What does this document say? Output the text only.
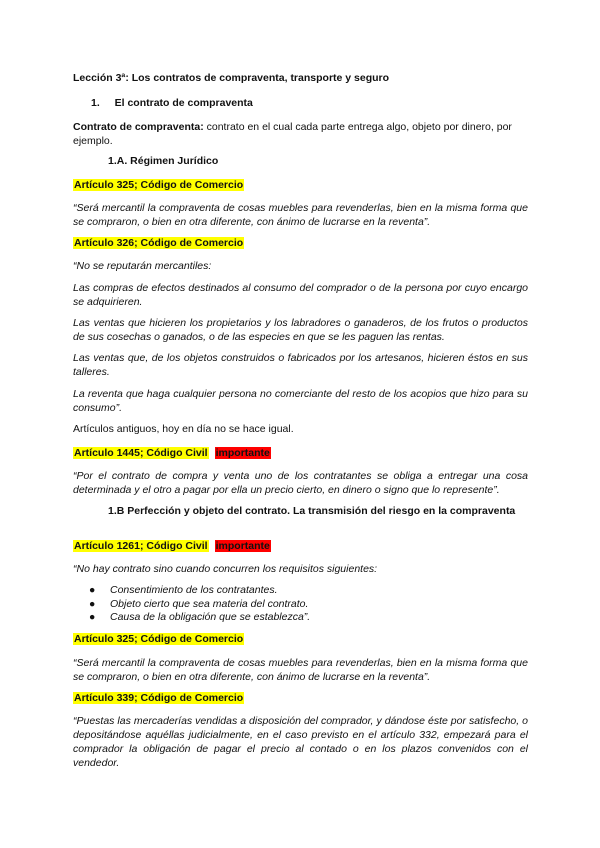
Lección 3ª: Los contratos de compraventa, transporte y seguro

1. El contrato de compraventa

Contrato de compraventa: contrato en el cual cada parte entrega algo, objeto por dinero, por ejemplo.

1.A. Régimen Jurídico

Artículo 325; Código de Comercio

“Será mercantil la compraventa de cosas muebles para revenderlas, bien en la misma forma que se compraron, o bien en otra diferente, con ánimo de lucrarse en la reventa”.

Artículo 326; Código de Comercio

“No se reputarán mercantiles:

Las compras de efectos destinados al consumo del comprador o de la persona por cuyo encargo se adquirieren.

Las ventas que hicieren los propietarios y los labradores o ganaderos, de los frutos o productos de sus cosechas o ganados, o de las especies en que se les paguen las rentas.

Las ventas que, de los objetos construidos o fabricados por los artesanos, hicieren éstos en sus talleres.

La reventa que haga cualquier persona no comerciante del resto de los acopios que hizo para su consumo”.

Artículos antiguos, hoy en día no se hace igual.

Artículo 1445; Código Civil importante

“Por el contrato de compra y venta uno de los contratantes se obliga a entregar una cosa determinada y el otro a pagar por ella un precio cierto, en dinero o signo que lo represente”.

1.B Perfección y objeto del contrato. La transmisión del riesgo en la compraventa

Artículo 1261; Código Civil importante

“No hay contrato sino cuando concurren los requisitos siguientes:

● Consentimiento de los contratantes.
● Objeto cierto que sea materia del contrato.
● Causa de la obligación que se establezca”.

Artículo 325; Código de Comercio

“Será mercantil la compraventa de cosas muebles para revenderlas, bien en la misma forma que se compraron, o bien en otra diferente, con ánimo de lucrarse en la reventa”.

Artículo 339; Código de Comercio

“Puestas las mercaderías vendidas a disposición del comprador, y dándose éste por satisfecho, o depositándose aquéllas judicialmente, en el caso previsto en el artículo 332, empezará para el comprador la obligación de pagar el precio al contado o en los plazos convenidos con el vendedor.
